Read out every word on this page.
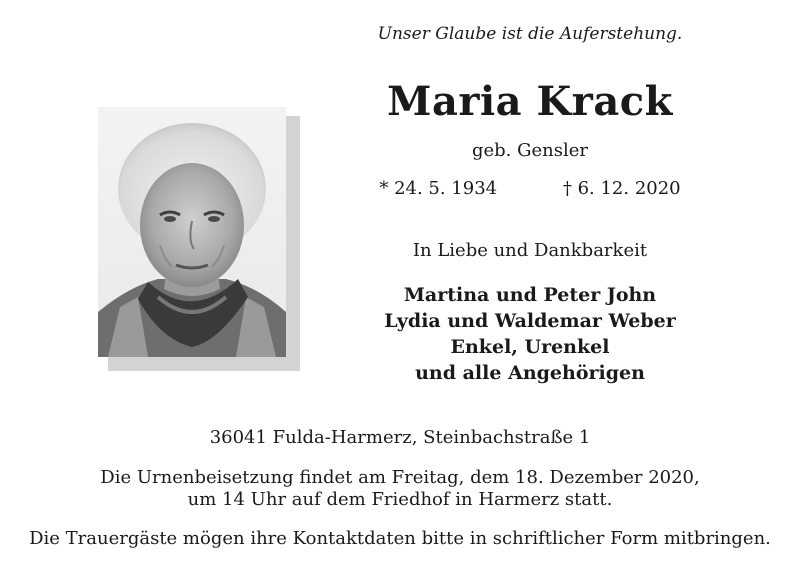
Unser Glaube ist die Auferstehung.
Maria Krack
geb. Gensler
* 24. 5. 1934	† 6. 12. 2020
In Liebe und Dankbarkeit
Martina und Peter John
Lydia und Waldemar Weber
Enkel, Urenkel
und alle Angehörigen
36041 Fulda-Harmerz, Steinbachstraße 1
Die Urnenbeisetzung findet am Freitag, dem 18. Dezember 2020,
um 14 Uhr auf dem Friedhof in Harmerz statt.
Die Trauergäste mögen ihre Kontaktdaten bitte in schriftlicher Form mitbringen.
